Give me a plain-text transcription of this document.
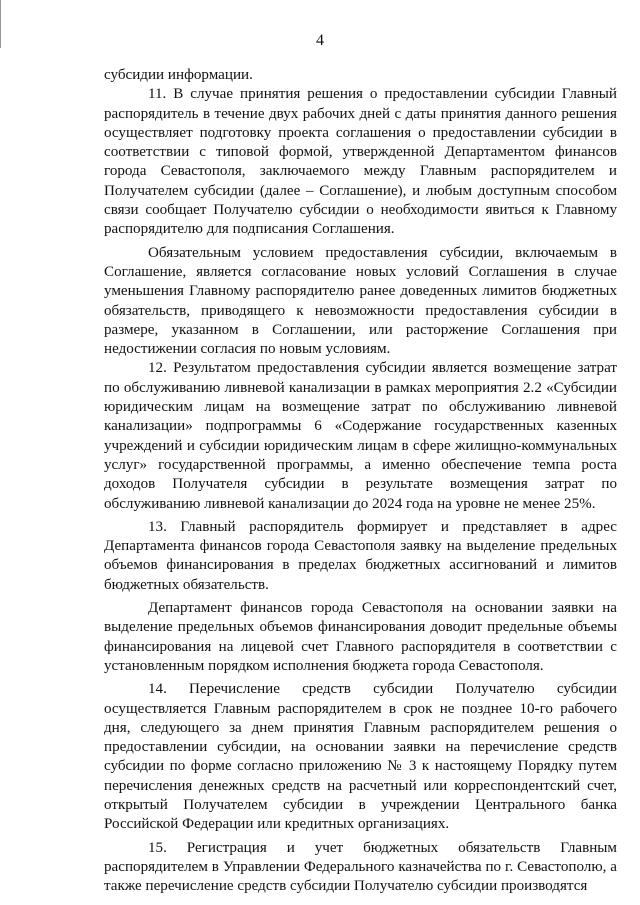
4

субсидии информации.

11. В случае принятия решения о предоставлении субсидии Главный распорядитель в течение двух рабочих дней с даты принятия данного решения осуществляет подготовку проекта соглашения о предоставлении субсидии в соответствии с типовой формой, утвержденной Департаментом финансов города Севастополя, заключаемого между Главным распорядителем и Получателем субсидии (далее – Соглашение), и любым доступным способом связи сообщает Получателю субсидии о необходимости явиться к Главному распорядителю для подписания Соглашения.

Обязательным условием предоставления субсидии, включаемым в Соглашение, является согласование новых условий Соглашения в случае уменьшения Главному распорядителю ранее доведенных лимитов бюджетных обязательств, приводящего к невозможности предоставления субсидии в размере, указанном в Соглашении, или расторжение Соглашения при недостижении согласия по новым условиям.

12. Результатом предоставления субсидии является возмещение затрат по обслуживанию ливневой канализации в рамках мероприятия 2.2 «Субсидии юридическим лицам на возмещение затрат по обслуживанию ливневой канализации» подпрограммы 6 «Содержание государственных казенных учреждений и субсидии юридическим лицам в сфере жилищно-коммунальных услуг» государственной программы, а именно обеспечение темпа роста доходов Получателя субсидии в результате возмещения затрат по обслуживанию ливневой канализации до 2024 года на уровне не менее 25%.

13. Главный распорядитель формирует и представляет в адрес Департамента финансов города Севастополя заявку на выделение предельных объемов финансирования в пределах бюджетных ассигнований и лимитов бюджетных обязательств.

Департамент финансов города Севастополя на основании заявки на выделение предельных объемов финансирования доводит предельные объемы финансирования на лицевой счет Главного распорядителя в соответствии с установленным порядком исполнения бюджета города Севастополя.

14. Перечисление средств субсидии Получателю субсидии осуществляется Главным распорядителем в срок не позднее 10-го рабочего дня, следующего за днем принятия Главным распорядителем решения о предоставлении субсидии, на основании заявки на перечисление средств субсидии по форме согласно приложению № 3 к настоящему Порядку путем перечисления денежных средств на расчетный или корреспондентский счет, открытый Получателем субсидии в учреждении Центрального банка Российской Федерации или кредитных организациях.

15. Регистрация и учет бюджетных обязательств Главным распорядителем в Управлении Федерального казначейства по г. Севастополю, а также перечисление средств субсидии Получателю субсидии производятся
